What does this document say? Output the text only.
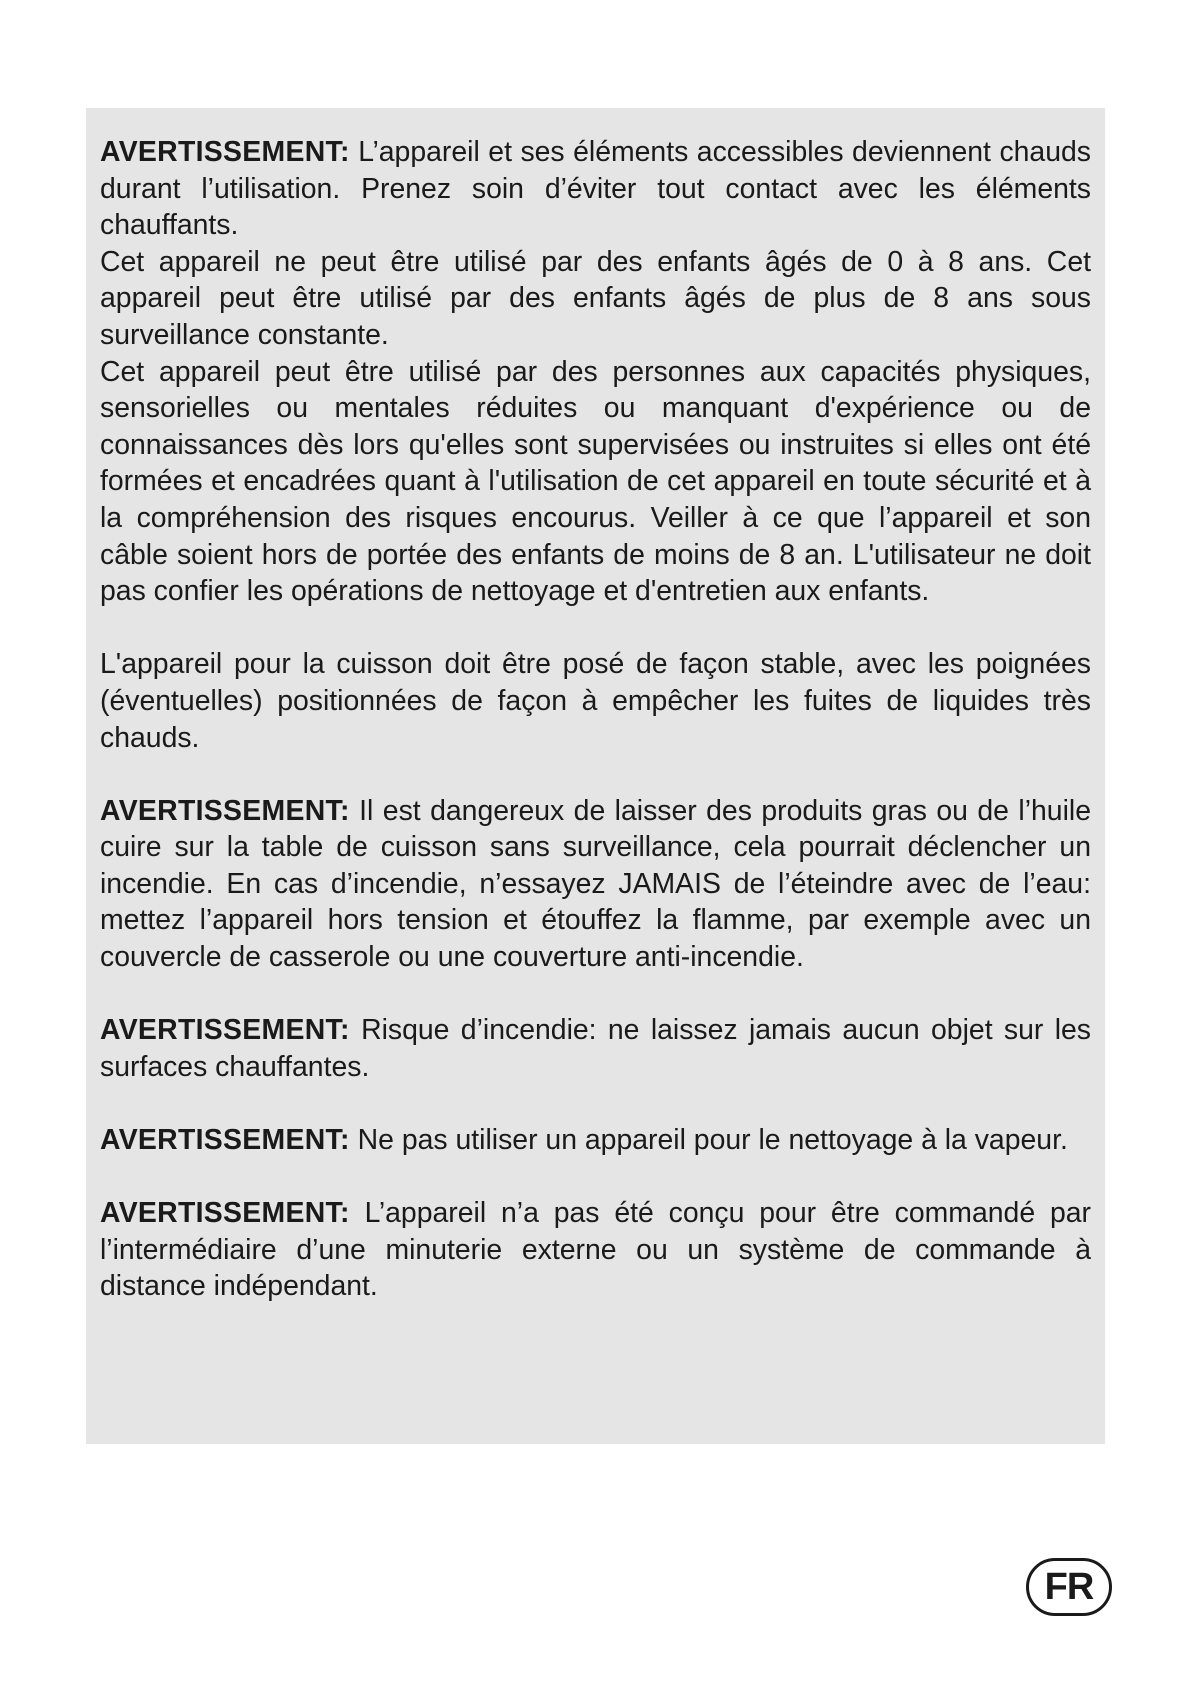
AVERTISSEMENT: L’appareil et ses éléments accessibles deviennent chauds durant l’utilisation. Prenez soin d’éviter tout contact avec les éléments chauffants.

Cet appareil ne peut être utilisé par des enfants âgés de 0 à 8 ans. Cet appareil peut être utilisé par des enfants âgés de plus de 8 ans sous surveillance constante.

Cet appareil peut être utilisé par des personnes aux capacités physiques, sensorielles ou mentales réduites ou manquant d'expérience ou de connaissances dès lors qu'elles sont supervisées ou instruites si elles ont été formées et encadrées quant à l'utilisation de cet appareil en toute sécurité et à la compréhension des risques encourus. Veiller à ce que l’appareil et son câble soient hors de portée des enfants de moins de 8 an. L'utilisateur ne doit pas confier les opérations de nettoyage et d'entretien aux enfants.

L'appareil pour la cuisson doit être posé de façon stable, avec les poignées (éventuelles) positionnées de façon à empêcher les fuites de liquides très chauds.

AVERTISSEMENT: Il est dangereux de laisser des produits gras ou de l’huile cuire sur la table de cuisson sans surveillance, cela pourrait déclencher un incendie. En cas d’incendie, n’essayez JAMAIS de l’éteindre avec de l’eau: mettez l’appareil hors tension et étouffez la flamme, par exemple avec un couvercle de casserole ou une couverture anti-incendie.

AVERTISSEMENT: Risque d’incendie: ne laissez jamais aucun objet sur les surfaces chauffantes.

AVERTISSEMENT: Ne pas utiliser un appareil pour le nettoyage à la vapeur.

AVERTISSEMENT: L’appareil n’a pas été conçu pour être commandé par l’intermédiaire d’une minuterie externe ou un système de commande à distance indépendant.

FR
